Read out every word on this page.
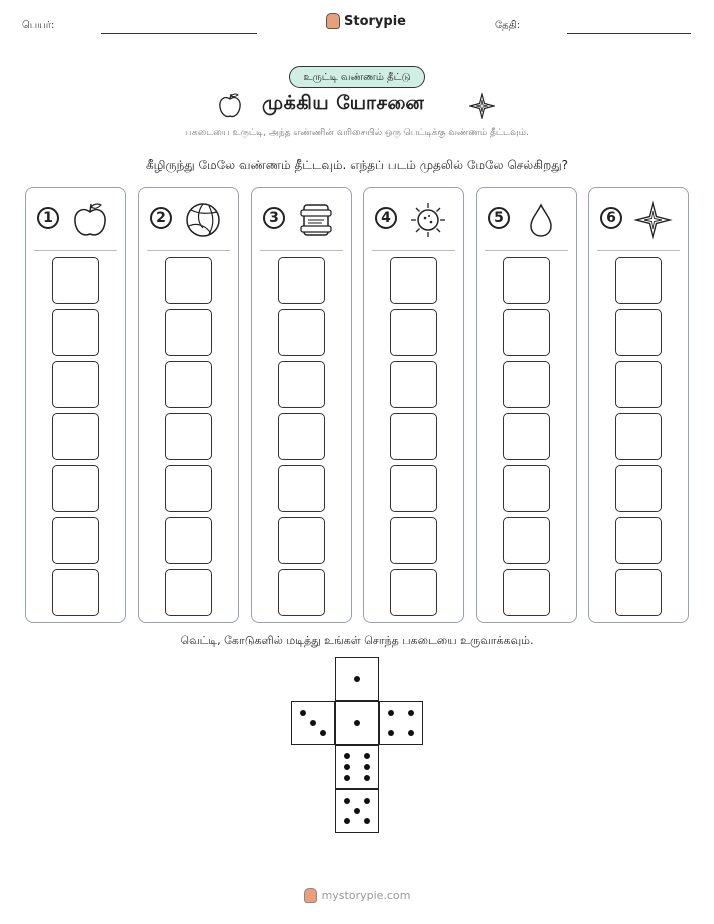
பெயர்:	Storypie	தேதி:
உருட்டி வண்ணம் தீட்டு
முக்கிய யோசனை
பகடையை உருட்டி, அந்த எண்ணின் வரிசையில் ஒரு பெட்டிக்கு வண்ணம் தீட்டவும்.
கீழிருந்து மேலே வண்ணம் தீட்டவும். எந்தப் படம் முதலில் மேலே செல்கிறது?
1	2	3	4	5	6
வெட்டி, கோடுகளில் மடித்து உங்கள் சொந்த பகடையை உருவாக்கவும்.
mystorypie.com
